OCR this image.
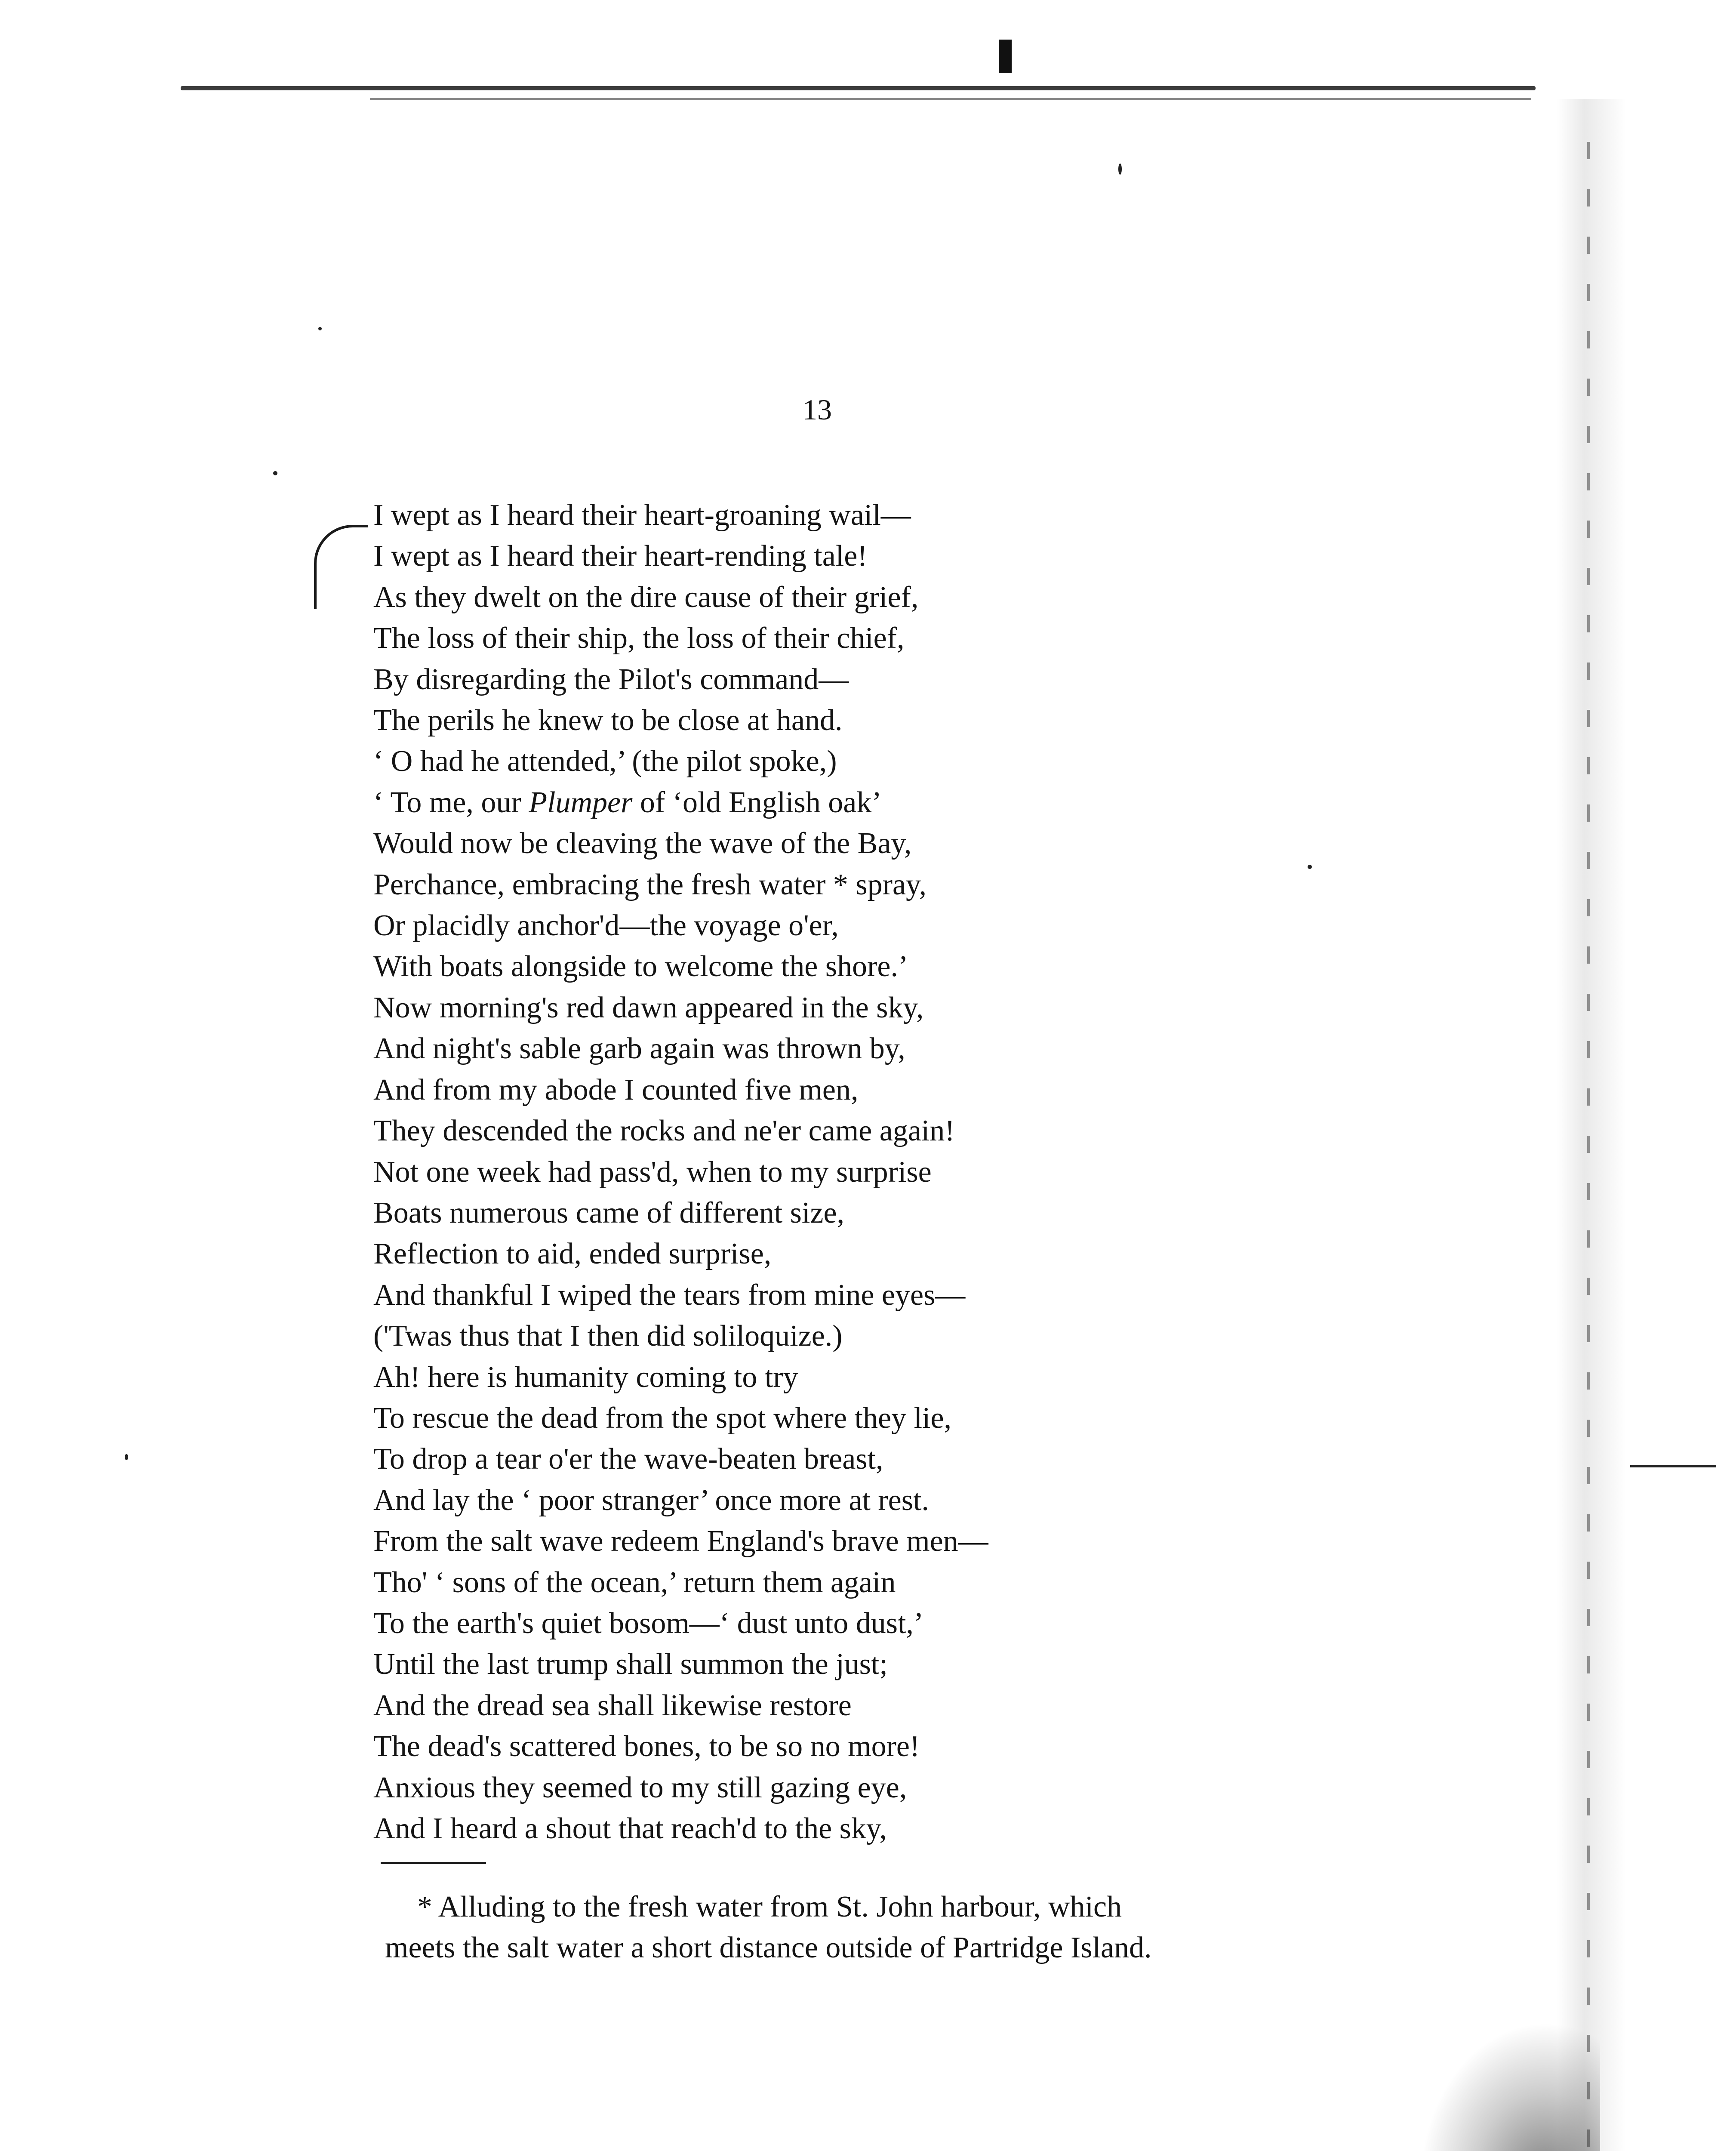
13
I wept as I heard their heart-groaning wail—
I wept as I heard their heart-rending tale!
As they dwelt on the dire cause of their grief,
The loss of their ship, the loss of their chief,
By disregarding the Pilot's command—
The perils he knew to be close at hand.
‘ O had he attended,’ (the pilot spoke,)
‘ To me, our Plumper of ‘old English oak’
Would now be cleaving the wave of the Bay,
Perchance, embracing the fresh water * spray,
Or placidly anchor'd—the voyage o'er,
With boats alongside to welcome the shore.’
Now morning's red dawn appeared in the sky,
And night's sable garb again was thrown by,
And from my abode I counted five men,
They descended the rocks and ne'er came again!
Not one week had pass'd, when to my surprise
Boats numerous came of different size,
Reflection to aid, ended surprise,
And thankful I wiped the tears from mine eyes—
('Twas thus that I then did soliloquize.)
Ah! here is humanity coming to try
To rescue the dead from the spot where they lie,
To drop a tear o'er the wave-beaten breast,
And lay the ‘ poor stranger’ once more at rest.
From the salt wave redeem England's brave men—
Tho' ‘ sons of the ocean,’ return them again
To the earth's quiet bosom—‘ dust unto dust,’
Until the last trump shall summon the just;
And the dread sea shall likewise restore
The dead's scattered bones, to be so no more!
Anxious they seemed to my still gazing eye,
And I heard a shout that reach'd to the sky,
* Alluding to the fresh water from St. John harbour, which
meets the salt water a short distance outside of Partridge Island.
